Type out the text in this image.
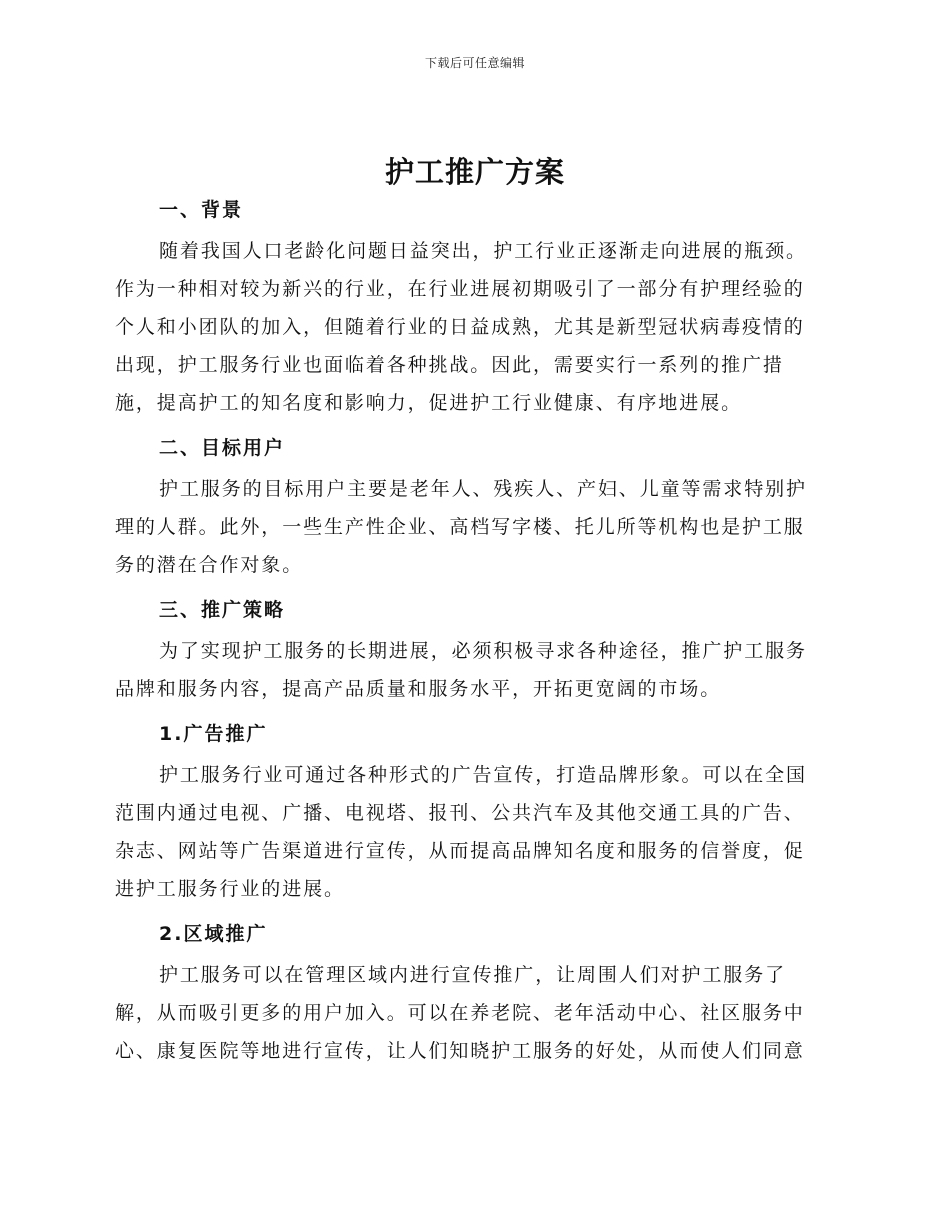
下载后可任意编辑
护工推广方案
一、背景
随着我国人口老龄化问题日益突出，护工行业正逐渐走向进展的瓶颈。
作为一种相对较为新兴的行业，在行业进展初期吸引了一部分有护理经验的
个人和小团队的加入，但随着行业的日益成熟，尤其是新型冠状病毒疫情的
出现，护工服务行业也面临着各种挑战。因此，需要实行一系列的推广措
施，提高护工的知名度和影响力，促进护工行业健康、有序地进展。
二、目标用户
护工服务的目标用户主要是老年人、残疾人、产妇、儿童等需求特别护
理的人群。此外，一些生产性企业、高档写字楼、托儿所等机构也是护工服
务的潜在合作对象。
三、推广策略
为了实现护工服务的长期进展，必须积极寻求各种途径，推广护工服务
品牌和服务内容，提高产品质量和服务水平，开拓更宽阔的市场。
1.广告推广
护工服务行业可通过各种形式的广告宣传，打造品牌形象。可以在全国
范围内通过电视、广播、电视塔、报刊、公共汽车及其他交通工具的广告、
杂志、网站等广告渠道进行宣传，从而提高品牌知名度和服务的信誉度，促
进护工服务行业的进展。
2.区域推广
护工服务可以在管理区域内进行宣传推广，让周围人们对护工服务了
解，从而吸引更多的用户加入。可以在养老院、老年活动中心、社区服务中
心、康复医院等地进行宣传，让人们知晓护工服务的好处，从而使人们同意
